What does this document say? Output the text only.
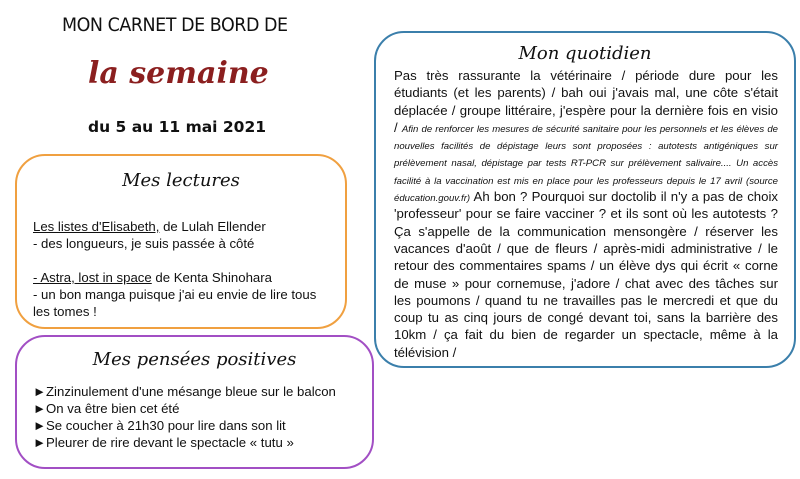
MON CARNET DE BORD DE
la semaine
du 5 au 11 mai 2021
Mes lectures
Les listes d'Elisabeth, de Lulah Ellender
- des longueurs, je suis passée à côté
- Astra, lost in space de Kenta Shinohara
- un bon manga puisque j'ai eu envie de lire tous les tomes !
Mes pensées positives
►Zinzinulement d'une mésange bleue sur le balcon
►On va être bien cet été
►Se coucher à 21h30 pour lire dans son lit
►Pleurer de rire devant le spectacle « tutu »
Mon quotidien
Pas très rassurante la vétérinaire / période dure pour les étudiants (et les parents) / bah oui j'avais mal, une côte s'était déplacée / groupe littéraire, j'espère pour la dernière fois en visio / Afin de renforcer les mesures de sécurité sanitaire pour les personnels et les élèves de nouvelles facilités de dépistage leurs sont proposées : autotests antigéniques sur prélèvement nasal, dépistage par tests RT-PCR sur prélèvement salivaire.... Un accès facilité à la vaccination est mis en place pour les professeurs depuis le 17 avril (source éducation.gouv.fr) Ah bon ? Pourquoi sur doctolib il n'y a pas de choix 'professeur' pour se faire vacciner ? et ils sont où les autotests ? Ça s'appelle de la communication mensongère / réserver les vacances d'août / que de fleurs / après-midi administrative / le retour des commentaires spams / un élève dys qui écrit « corne de muse » pour cornemuse, j'adore / chat avec des tâches sur les poumons / quand tu ne travailles pas le mercredi et que du coup tu as cinq jours de congé devant toi, sans la barrière des 10km / ça fait du bien de regarder un spectacle, même à la télévision /
